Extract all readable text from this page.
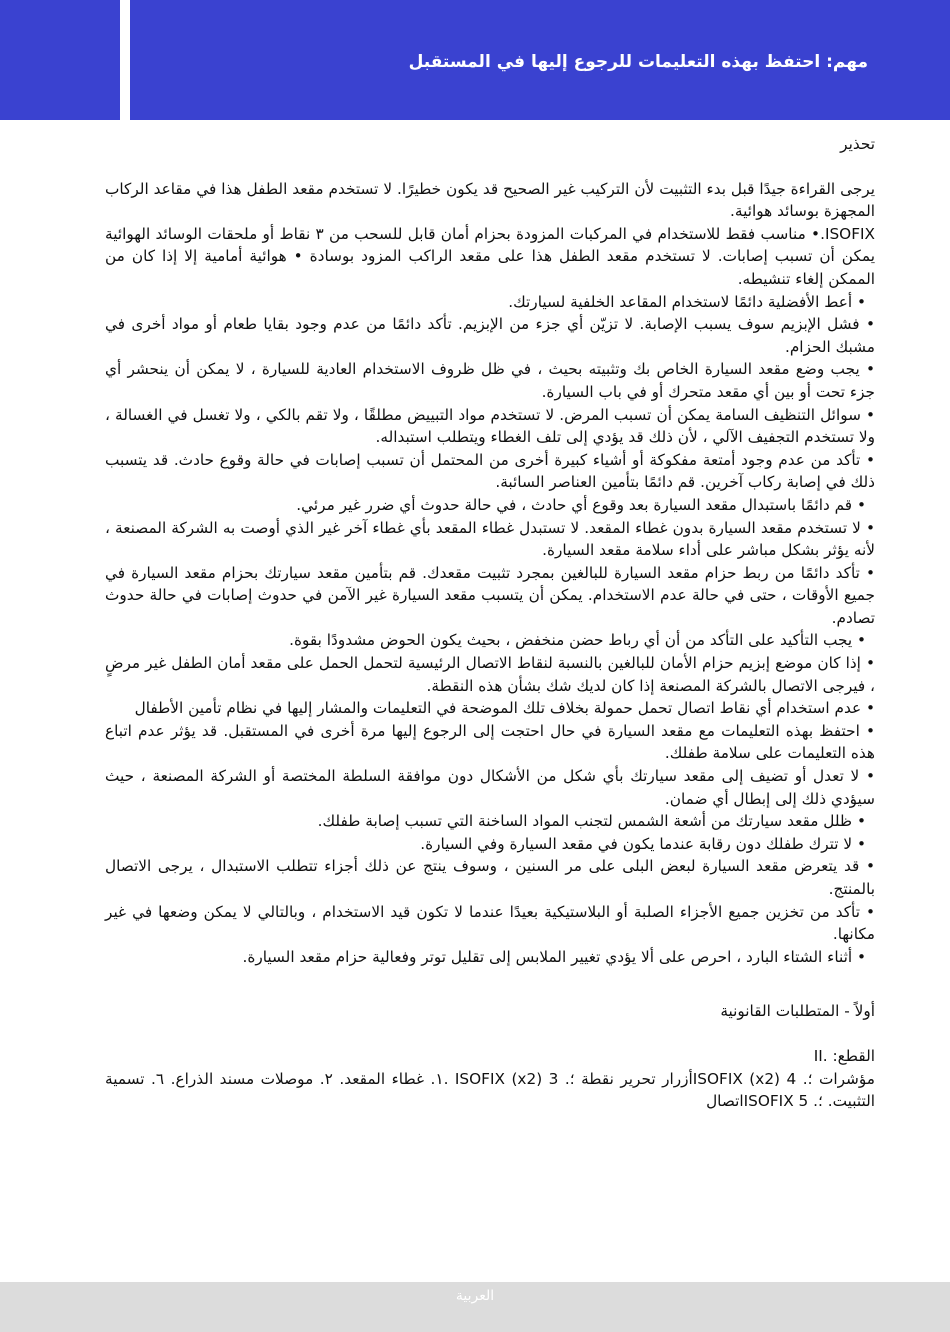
مهم: احتفظ بهذه التعليمات للرجوع إليها في المستقبل

تحذير

يرجى القراءة جيدًا قبل بدء التثبيت لأن التركيب غير الصحيح قد يكون خطيرًا. لا تستخدم مقعد الطفل هذا في مقاعد الركاب المجهزة بوسائد هوائية.

ISOFIX.• مناسب فقط للاستخدام في المركبات المزودة بحزام أمان قابل للسحب من ٣ نقاط أو ملحقات الوسائد الهوائية يمكن أن تسبب إصابات. لا تستخدم مقعد الطفل هذا على مقعد الراكب المزود بوسادة • هوائية أمامية إلا إذا كان من الممكن إلغاء تنشيطه.

• أعط الأفضلية دائمًا لاستخدام المقاعد الخلفية لسيارتك.

• فشل الإبزيم سوف يسبب الإصابة. لا تزيّن أي جزء من الإبزيم. تأكد دائمًا من عدم وجود بقايا طعام أو مواد أخرى في مشبك الحزام.

• يجب وضع مقعد السيارة الخاص بك وتثبيته بحيث ، في ظل ظروف الاستخدام العادية للسيارة ، لا يمكن أن ينحشر أي جزء تحت أو بين أي مقعد متحرك أو في باب السيارة.

• سوائل التنظيف السامة يمكن أن تسبب المرض. لا تستخدم مواد التبييض مطلقًا ، ولا تقم بالكي ، ولا تغسل في الغسالة ، ولا تستخدم التجفيف الآلي ، لأن ذلك قد يؤدي إلى تلف الغطاء ويتطلب استبداله.

• تأكد من عدم وجود أمتعة مفكوكة أو أشياء كبيرة أخرى من المحتمل أن تسبب إصابات في حالة وقوع حادث. قد يتسبب ذلك في إصابة ركاب آخرين. قم دائمًا بتأمين العناصر السائبة.

• قم دائمًا باستبدال مقعد السيارة بعد وقوع أي حادث ، في حالة حدوث أي ضرر غير مرئي.

• لا تستخدم مقعد السيارة بدون غطاء المقعد. لا تستبدل غطاء المقعد بأي غطاء آخر غير الذي أوصت به الشركة المصنعة ، لأنه يؤثر بشكل مباشر على أداء سلامة مقعد السيارة.

• تأكد دائمًا من ربط حزام مقعد السيارة للبالغين بمجرد تثبيت مقعدك. قم بتأمين مقعد سيارتك بحزام مقعد السيارة في جميع الأوقات ، حتى في حالة عدم الاستخدام. يمكن أن يتسبب مقعد السيارة غير الآمن في حدوث إصابات في حالة حدوث تصادم.

• يجب التأكيد على التأكد من أن أي رباط حضن منخفض ، بحيث يكون الحوض مشدودًا بقوة.

• إذا كان موضع إبزيم حزام الأمان للبالغين بالنسبة لنقاط الاتصال الرئيسية لتحمل الحمل على مقعد أمان الطفل غير مرضٍ ، فيرجى الاتصال بالشركة المصنعة إذا كان لديك شك بشأن هذه النقطة.

• عدم استخدام أي نقاط اتصال تحمل حمولة بخلاف تلك الموضحة في التعليمات والمشار إليها في نظام تأمين الأطفال

• احتفظ بهذه التعليمات مع مقعد السيارة في حال احتجت إلى الرجوع إليها مرة أخرى في المستقبل. قد يؤثر عدم اتباع هذه التعليمات على سلامة طفلك.

• لا تعدل أو تضيف إلى مقعد سيارتك بأي شكل من الأشكال دون موافقة السلطة المختصة أو الشركة المصنعة ، حيث سيؤدي ذلك إلى إبطال أي ضمان.

• ظلل مقعد سيارتك من أشعة الشمس لتجنب المواد الساخنة التي تسبب إصابة طفلك.

• لا تترك طفلك دون رقابة عندما يكون في مقعد السيارة وفي السيارة.

• قد يتعرض مقعد السيارة لبعض البلى على مر السنين ، وسوف ينتج عن ذلك أجزاء تتطلب الاستبدال ، يرجى الاتصال بالمنتج.

• تأكد من تخزين جميع الأجزاء الصلبة أو البلاستيكية بعيدًا عندما لا تكون قيد الاستخدام ، وبالتالي لا يمكن وضعها في غير مكانها.

• أثناء الشتاء البارد ، احرص على ألا يؤدي تغيير الملابس إلى تقليل توتر وفعالية حزام مقعد السيارة.

أولاً - المتطلبات القانونية

القطع: .II

مؤشرات ؛. ISOFIX (x2) 4أزرار تحرير نقطة ؛. ISOFIX (x2) 3 .١. غطاء المقعد. ٢. موصلات مسند الذراع. ٦. تسمية التثبيت. ؛. ISOFIX 5اتصال

العربية
